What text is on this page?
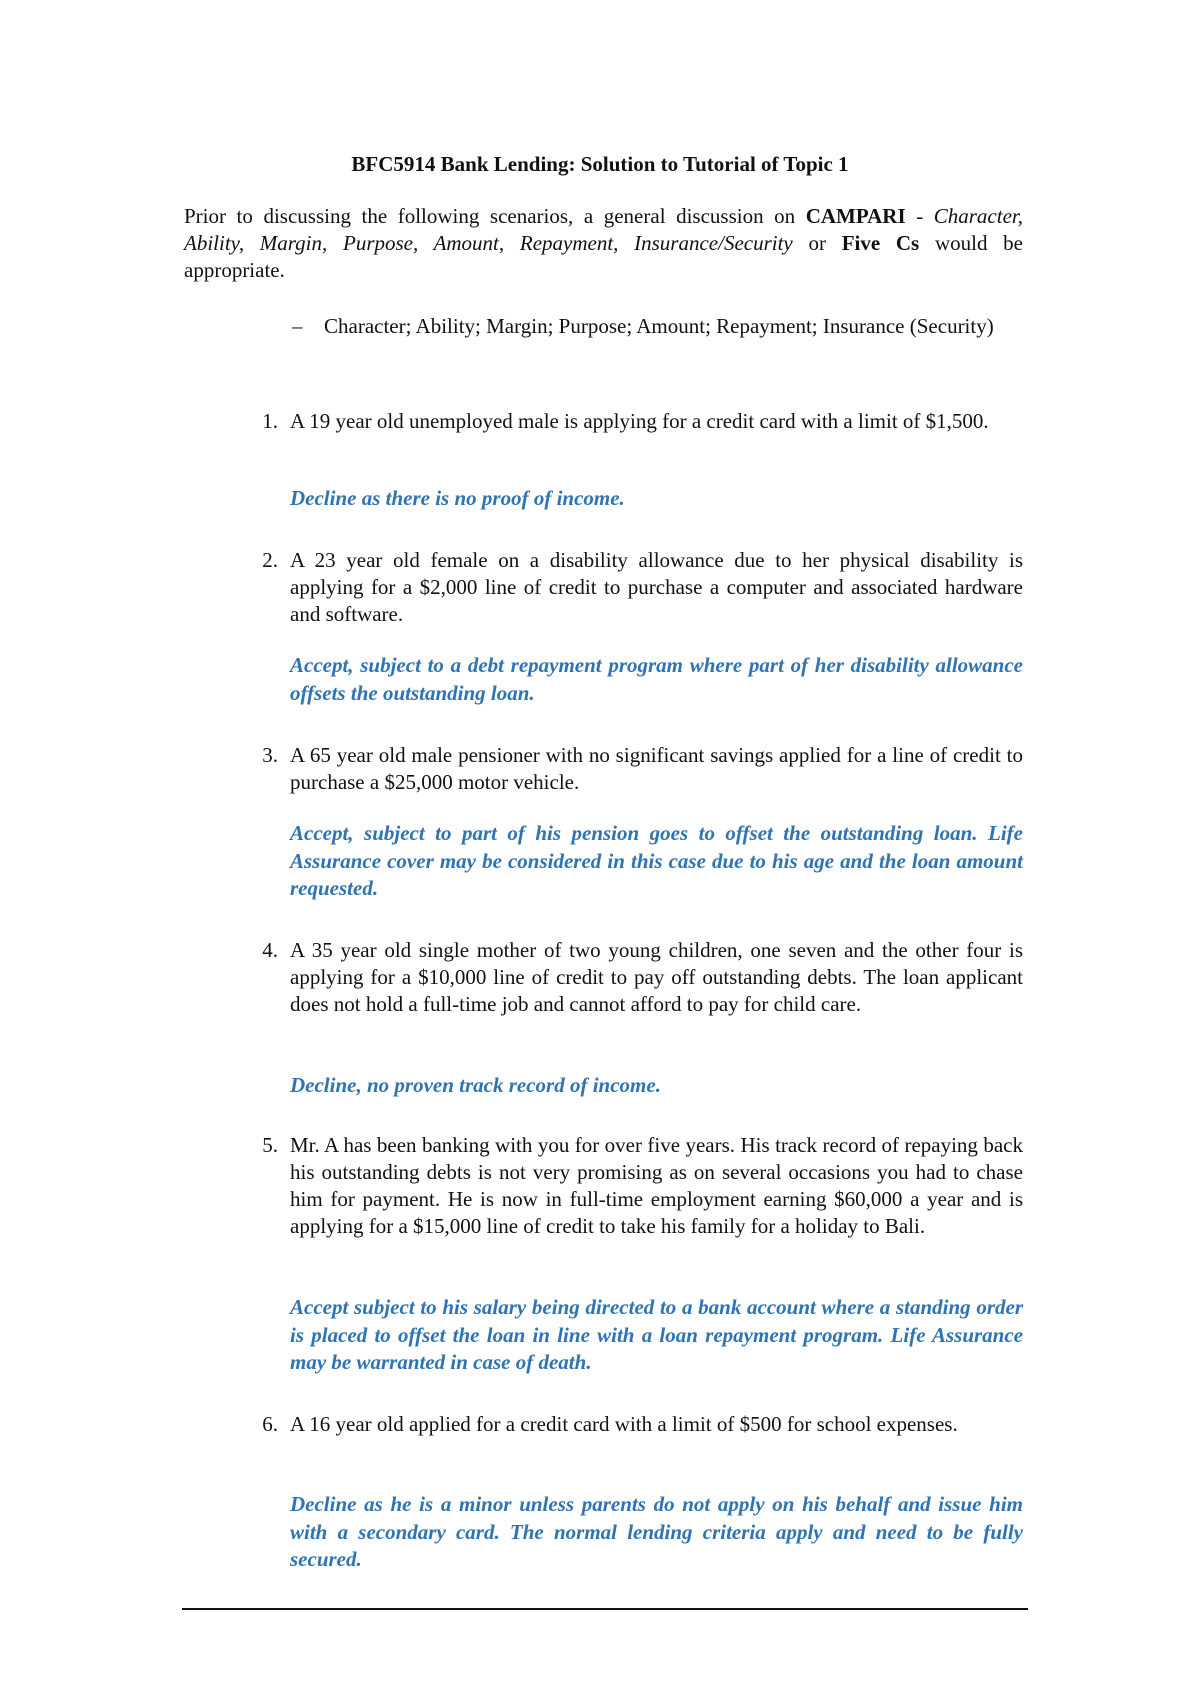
BFC5914 Bank Lending: Solution to Tutorial of Topic 1
Prior to discussing the following scenarios, a general discussion on CAMPARI - Character, Ability, Margin, Purpose, Amount, Repayment, Insurance/Security or Five Cs would be appropriate.
– Character; Ability; Margin; Purpose; Amount; Repayment; Insurance (Security)
1. A 19 year old unemployed male is applying for a credit card with a limit of $1,500.
Decline as there is no proof of income.
2. A 23 year old female on a disability allowance due to her physical disability is applying for a $2,000 line of credit to purchase a computer and associated hardware and software.
Accept, subject to a debt repayment program where part of her disability allowance offsets the outstanding loan.
3. A 65 year old male pensioner with no significant savings applied for a line of credit to purchase a $25,000 motor vehicle.
Accept, subject to part of his pension goes to offset the outstanding loan. Life Assurance cover may be considered in this case due to his age and the loan amount requested.
4. A 35 year old single mother of two young children, one seven and the other four is applying for a $10,000 line of credit to pay off outstanding debts. The loan applicant does not hold a full-time job and cannot afford to pay for child care.
Decline, no proven track record of income.
5. Mr. A has been banking with you for over five years. His track record of repaying back his outstanding debts is not very promising as on several occasions you had to chase him for payment. He is now in full-time employment earning $60,000 a year and is applying for a $15,000 line of credit to take his family for a holiday to Bali.
Accept subject to his salary being directed to a bank account where a standing order is placed to offset the loan in line with a loan repayment program. Life Assurance may be warranted in case of death.
6. A 16 year old applied for a credit card with a limit of $500 for school expenses.
Decline as he is a minor unless parents do not apply on his behalf and issue him with a secondary card. The normal lending criteria apply and need to be fully secured.
